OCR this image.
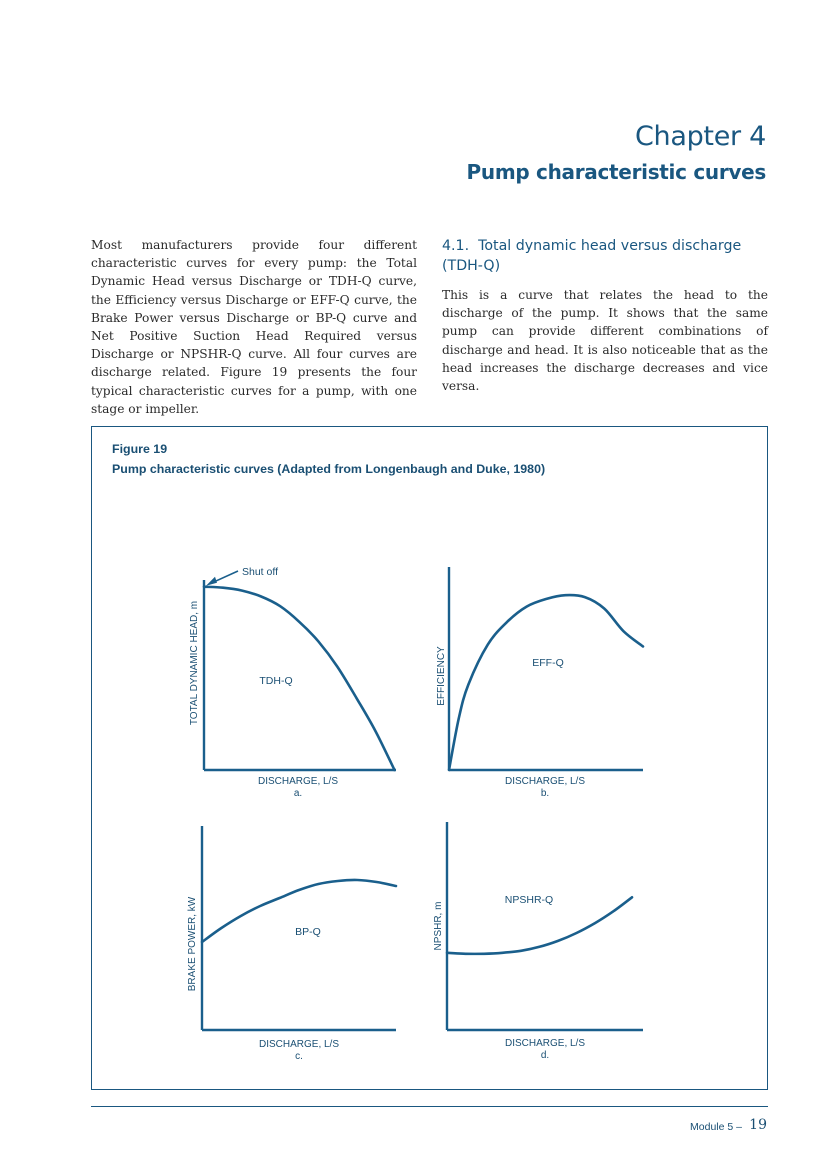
Chapter 4
Pump characteristic curves

Most manufacturers provide four different characteristic curves for every pump: the Total Dynamic Head versus Discharge or TDH-Q curve, the Efficiency versus Discharge or EFF-Q curve, the Brake Power versus Discharge or BP-Q curve and Net Positive Suction Head Required versus Discharge or NPSHR-Q curve. All four curves are discharge related. Figure 19 presents the four typical characteristic curves for a pump, with one stage or impeller.

4.1. Total dynamic head versus discharge (TDH-Q)

This is a curve that relates the head to the discharge of the pump. It shows that the same pump can provide different combinations of discharge and head. It is also noticeable that as the head increases the discharge decreases and vice versa.

Figure 19
Pump characteristic curves (Adapted from Longenbaugh and Duke, 1980)
TDH-Q
TOTAL DYNAMIC HEAD, m
DISCHARGE, L/S
a.
Shut off
EFF-Q
EFFICIENCY
DISCHARGE, L/S
b.
BP-Q
BRAKE POWER, kW
DISCHARGE, L/S
c.
NPSHR-Q
NPSHR, m
DISCHARGE, L/S
d.
Module 5 – 19
